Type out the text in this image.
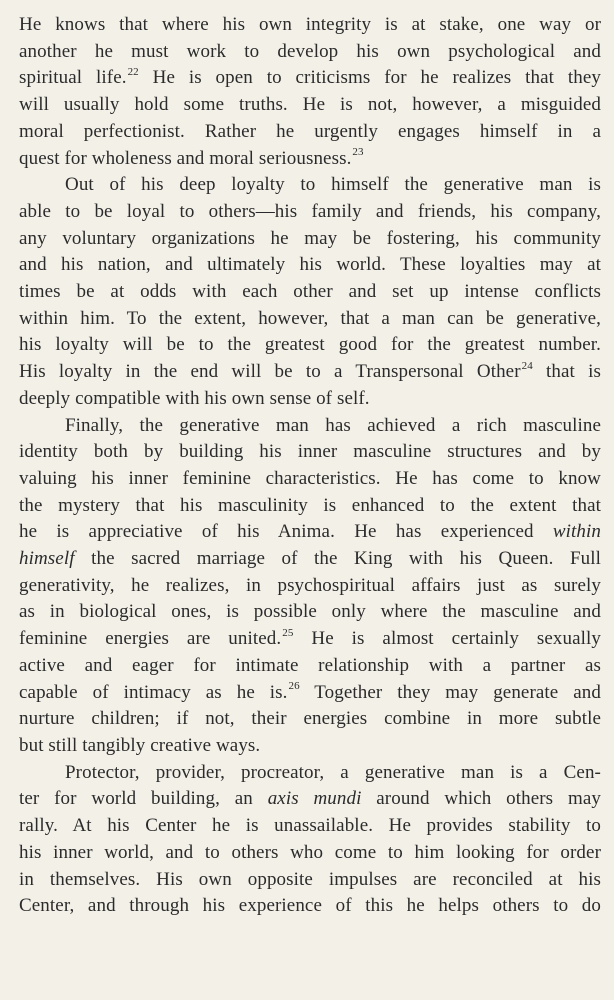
He knows that where his own integrity is at stake, one way or
another he must work to develop his own psychological and
spiritual life.$^{22}$ He is open to criticisms for he realizes that they
will usually hold some truths. He is not, however, a misguided
moral perfectionist. Rather he urgently engages himself in a
quest for wholeness and moral seriousness.$^{23}$
Out of his deep loyalty to himself the generative man is
able to be loyal to others—his family and friends, his company,
any voluntary organizations he may be fostering, his community
and his nation, and ultimately his world. These loyalties may at
times be at odds with each other and set up intense conflicts
within him. To the extent, however, that a man can be generative,
his loyalty will be to the greatest good for the greatest number.
His loyalty in the end will be to a Transpersonal Other$^{24}$ that is
deeply compatible with his own sense of self.
Finally, the generative man has achieved a rich masculine
identity both by building his inner masculine structures and by
valuing his inner feminine characteristics. He has come to know
the mystery that his masculinity is enhanced to the extent that
he is appreciative of his Anima. He has experienced within
himself the sacred marriage of the King with his Queen. Full
generativity, he realizes, in psychospiritual affairs just as surely
as in biological ones, is possible only where the masculine and
feminine energies are united.$^{25}$ He is almost certainly sexually
active and eager for intimate relationship with a partner as
capable of intimacy as he is.$^{26}$ Together they may generate and
nurture children; if not, their energies combine in more subtle
but still tangibly creative ways.
Protector, provider, procreator, a generative man is a Cen-
ter for world building, an axis mundi around which others may
rally. At his Center he is unassailable. He provides stability to
his inner world, and to others who come to him looking for order
in themselves. His own opposite impulses are reconciled at his
Center, and through his experience of this he helps others to do
